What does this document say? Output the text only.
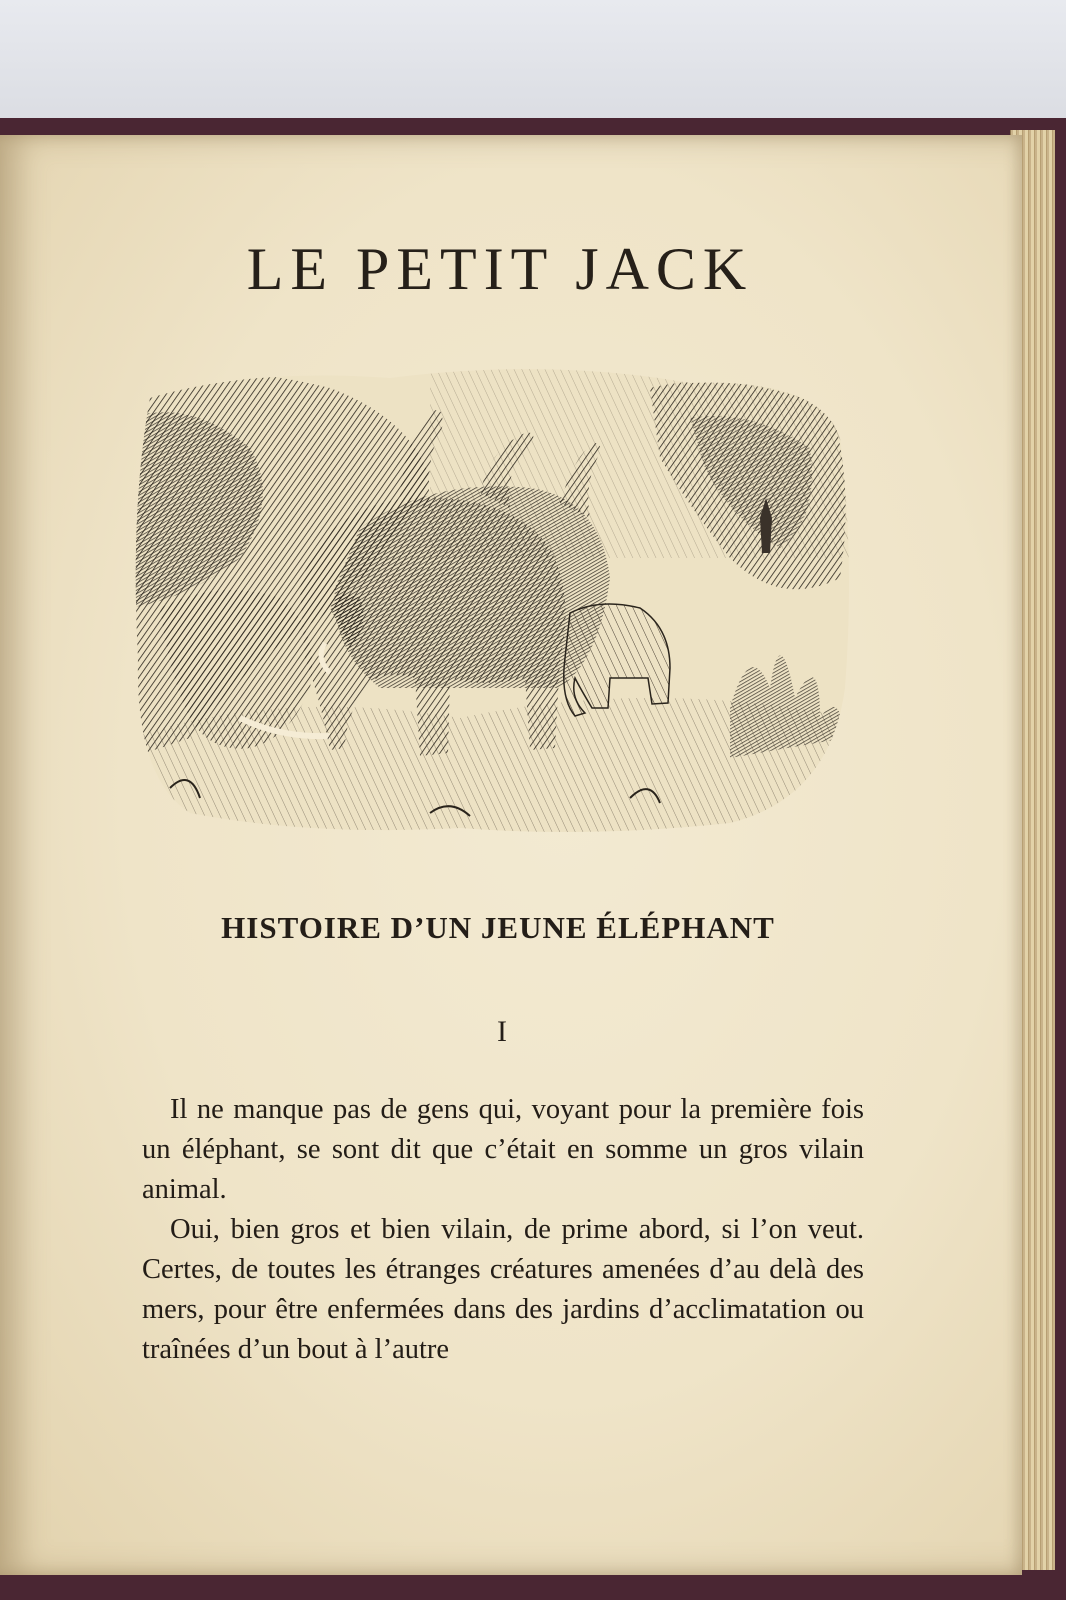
LE PETIT JACK
HISTOIRE D’UN JEUNE ÉLÉPHANT
I

Il ne manque pas de gens qui, voyant pour la première fois un éléphant, se sont dit que c’était en somme un gros vilain animal.

Oui, bien gros et bien vilain, de prime abord, si l’on veut. Certes, de toutes les étranges créatures amenées d’au delà des mers, pour être enfermées dans des jardins d’acclimatation ou traînées d’un bout à l’autre
